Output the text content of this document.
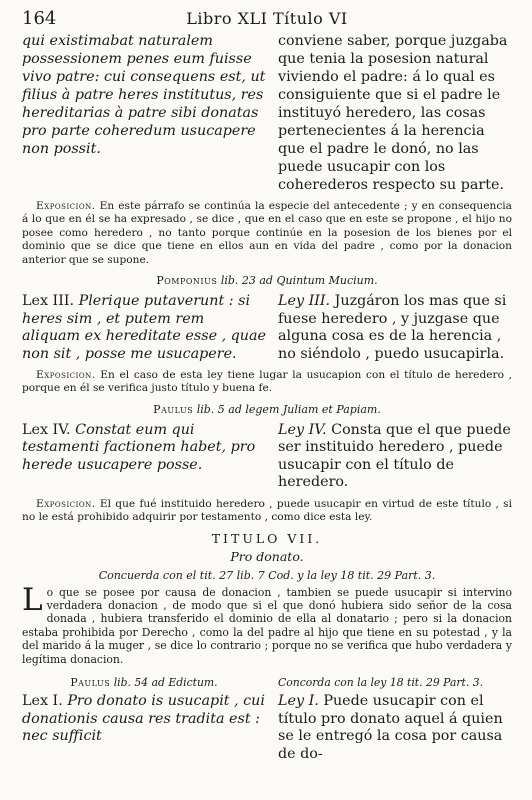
164	Libro XLI Título VI
qui existimabat naturalem possessionem penes eum fuisse vivo patre: cui consequens est, ut filius à patre heres institutus, res hereditarias à patre sibi donatas pro parte coheredum usucapere non possit.
conviene saber, porque juzgaba que tenia la posesion natural viviendo el padre: á lo qual es consiguiente que si el padre le instituyó heredero, las cosas pertenecientes á la herencia que el padre le donó, no las puede usucapir con los coherederos respecto su parte.
Exposicion. En este párrafo se continúa la especie del antecedente ; y en consequencia á lo que en él se ha expresado , se dice , que en el caso que en este se propone , el hijo no posee como heredero , no tanto porque continúe en la posesion de los bienes por el dominio que se dice que tiene en ellos aun en vida del padre , como por la donacion anterior que se supone.
Pomponius lib. 23 ad Quintum Mucium.
Lex III. Plerique putaverunt : si heres sim , et putem rem aliquam ex hereditate esse , quae non sit , posse me usucapere.
Ley III. Juzgáron los mas que si fuese heredero , y juzgase que alguna cosa es de la herencia , no siéndolo , puedo usucapirla.
Exposicion. En el caso de esta ley tiene lugar la usucapion con el título de heredero , porque en él se verifica justo título y buena fe.
Paulus lib. 5 ad legem Juliam et Papiam.
Lex IV. Constat eum qui testamenti factionem habet, pro herede usucapere posse.
Ley IV. Consta que el que puede ser instituido heredero , puede usucapir con el título de heredero.
Exposicion. El que fué instituido heredero , puede usucapir en virtud de este título , si no le está prohibido adquirir por testamento , como dice esta ley.
TITULO VII.
Pro donato.
Concuerda con el tit. 27 lib. 7 Cod. y la ley 18 tit. 29 Part. 3.
L o que se posee por causa de donacion , tambien se puede usucapir si intervino verdadera donacion , de modo que si el que donó hubiera sido señor de la cosa donada , hubiera transferido el dominio de ella al donatario ; pero si la donacion estaba prohibida por Derecho , como la del padre al hijo que tiene en su potestad , y la del marido á la muger , se dice lo contrario ; porque no se verifica que hubo verdadera y legítima donacion.
Paulus lib. 54 ad Edictum.	Concorda con la ley 18 tit. 29 Part. 3.
Lex I. Pro donato is usucapit , cui donationis causa res tradita est : nec sufficit
Ley I. Puede usucapir con el título pro donato aquel á quien se le entregó la cosa por causa de do-
